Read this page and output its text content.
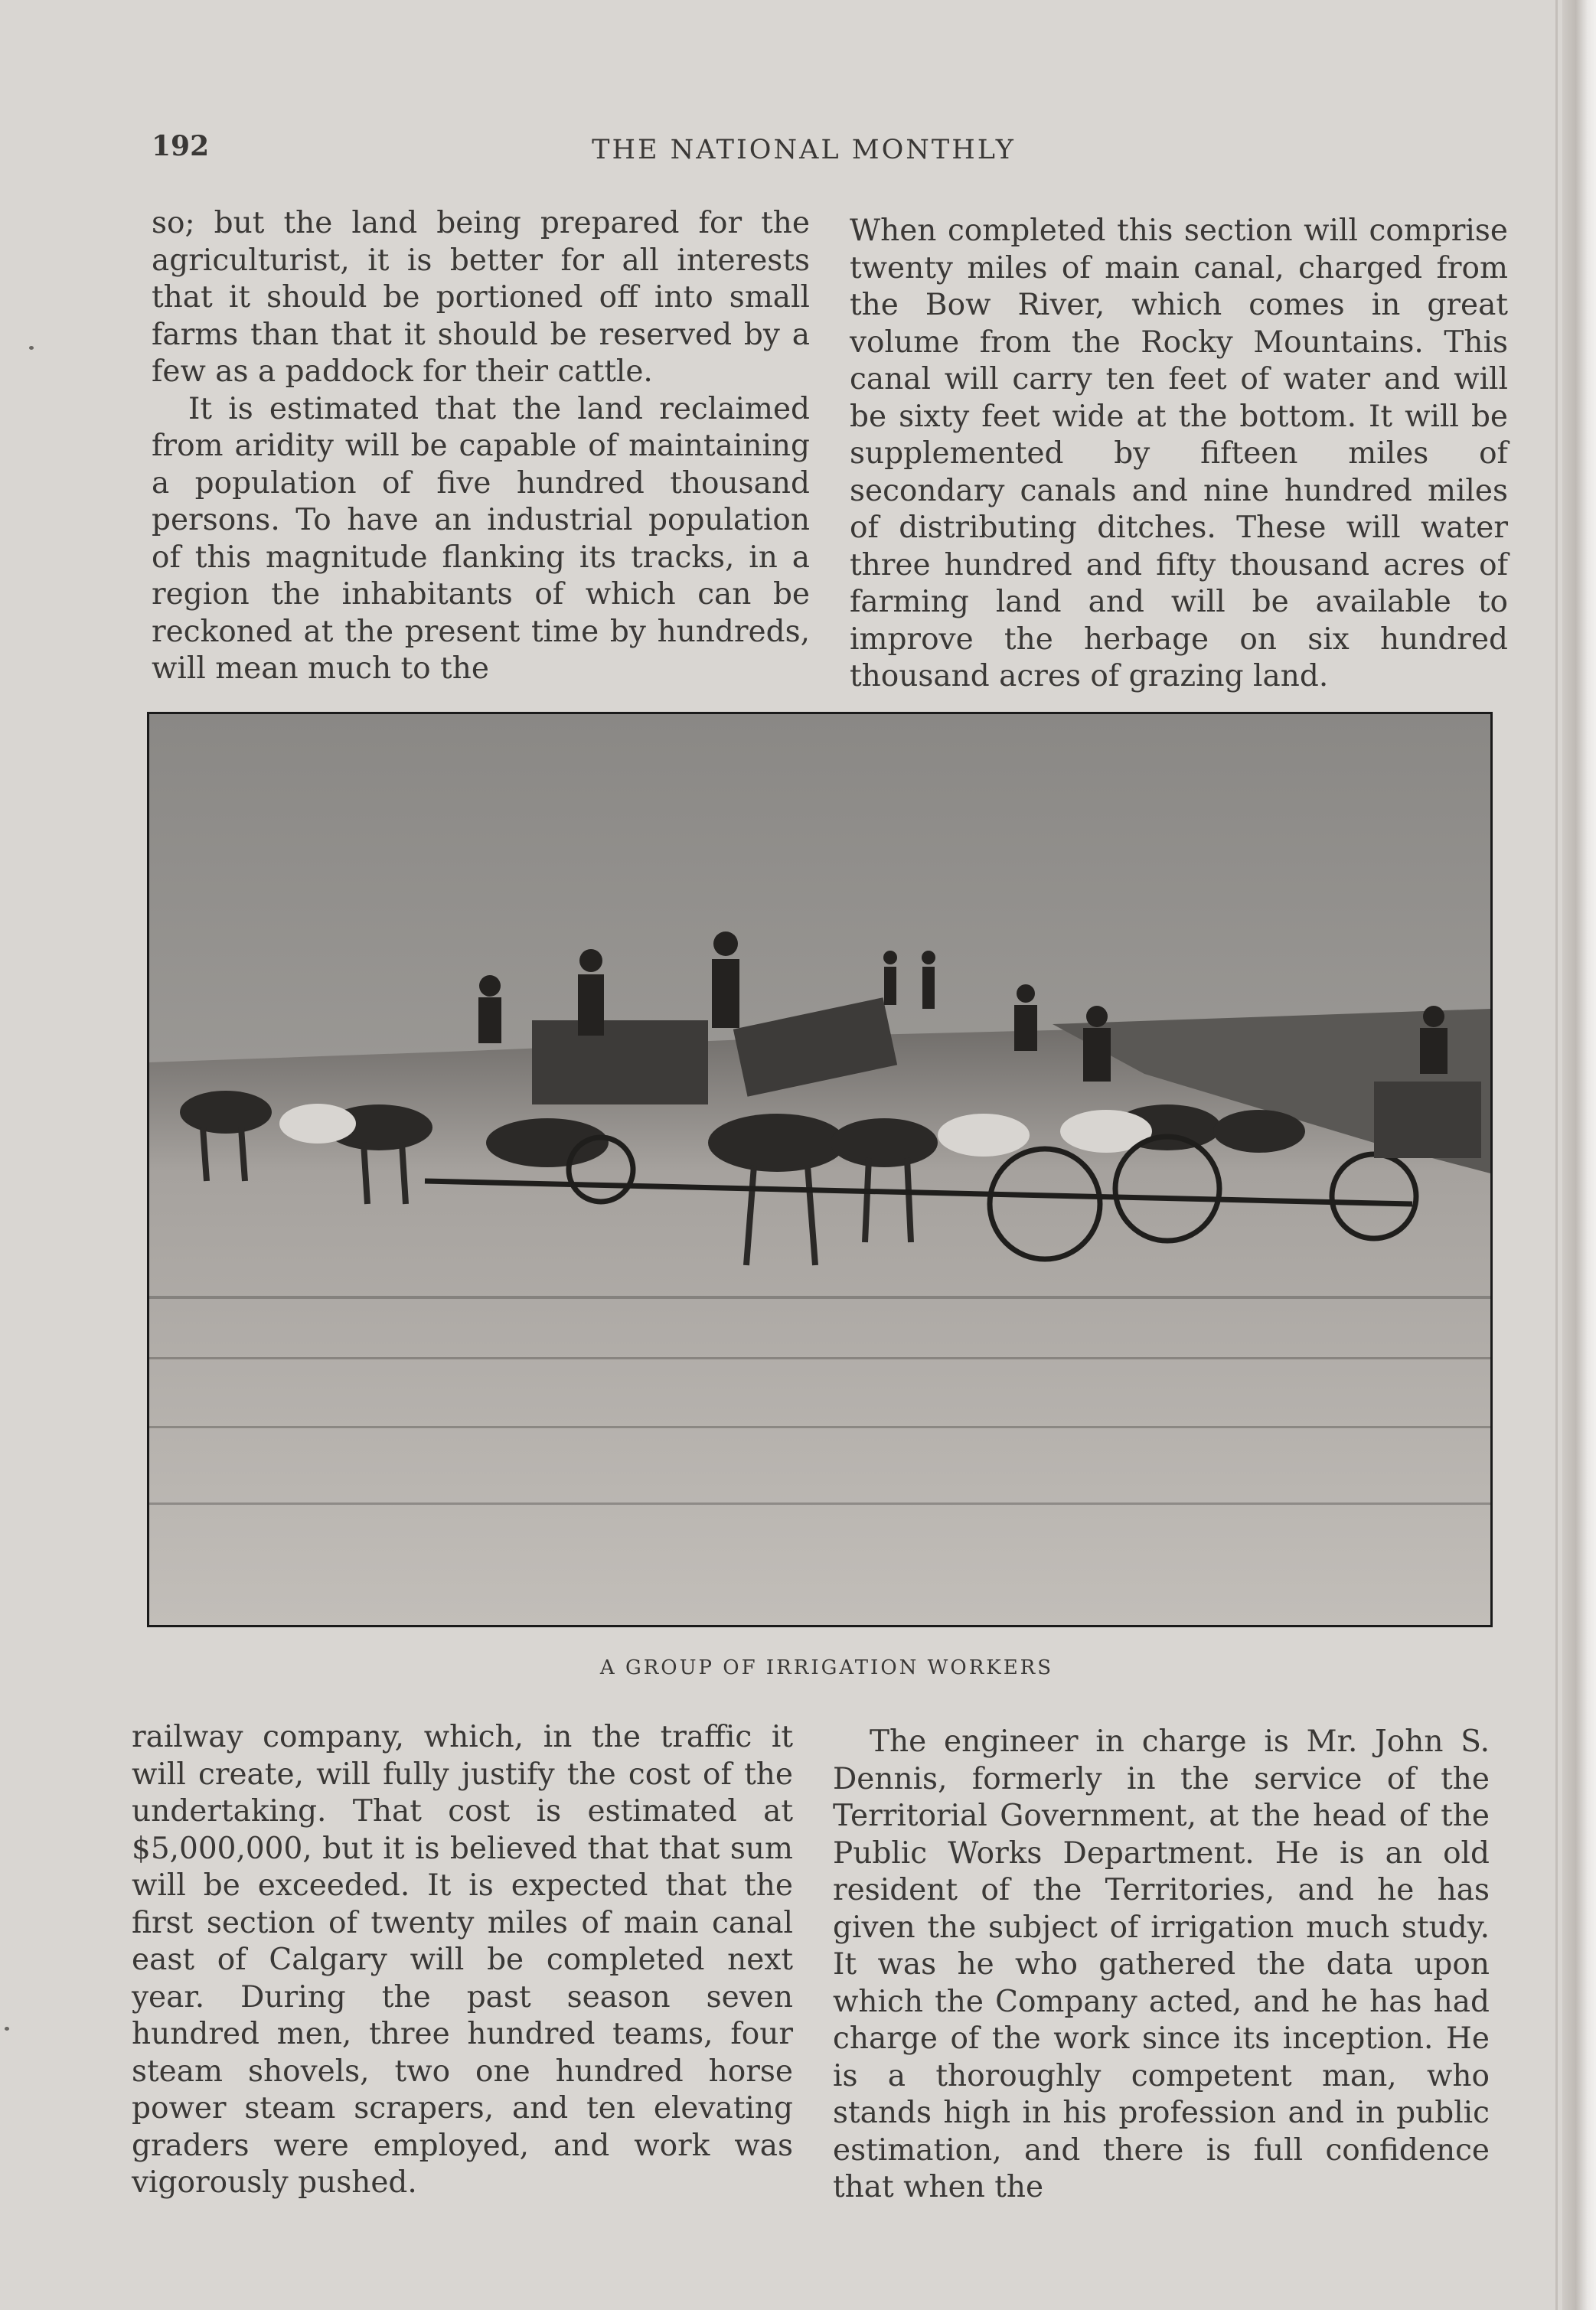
192	THE NATIONAL MONTHLY

so; but the land being prepared for the agriculturist, it is better for all interests that it should be portioned off into small farms than that it should be reserved by a few as a paddock for their cattle.

It is estimated that the land reclaimed from aridity will be capable of maintaining a population of five hundred thousand persons. To have an industrial population of this magnitude flanking its tracks, in a region the inhabitants of which can be reckoned at the present time by hundreds, will mean much to the

When completed this section will comprise twenty miles of main canal, charged from the Bow River, which comes in great volume from the Rocky Mountains. This canal will carry ten feet of water and will be sixty feet wide at the bottom. It will be supplemented by fifteen miles of secondary canals and nine hundred miles of distributing ditches. These will water three hundred and fifty thousand acres of farming land and will be available to improve the herbage on six hundred thousand acres of grazing land.

A GROUP OF IRRIGATION WORKERS

railway company, which, in the traffic it will create, will fully justify the cost of the undertaking. That cost is estimated at $5,000,000, but it is believed that that sum will be exceeded. It is expected that the first section of twenty miles of main canal east of Calgary will be completed next year. During the past season seven hundred men, three hundred teams, four steam shovels, two one hundred horse power steam scrapers, and ten elevating graders were employed, and work was vigorously pushed.

The engineer in charge is Mr. John S. Dennis, formerly in the service of the Territorial Government, at the head of the Public Works Department. He is an old resident of the Territories, and he has given the subject of irrigation much study. It was he who gathered the data upon which the Company acted, and he has had charge of the work since its inception. He is a thoroughly competent man, who stands high in his profession and in public estimation, and there is full confidence that when the
